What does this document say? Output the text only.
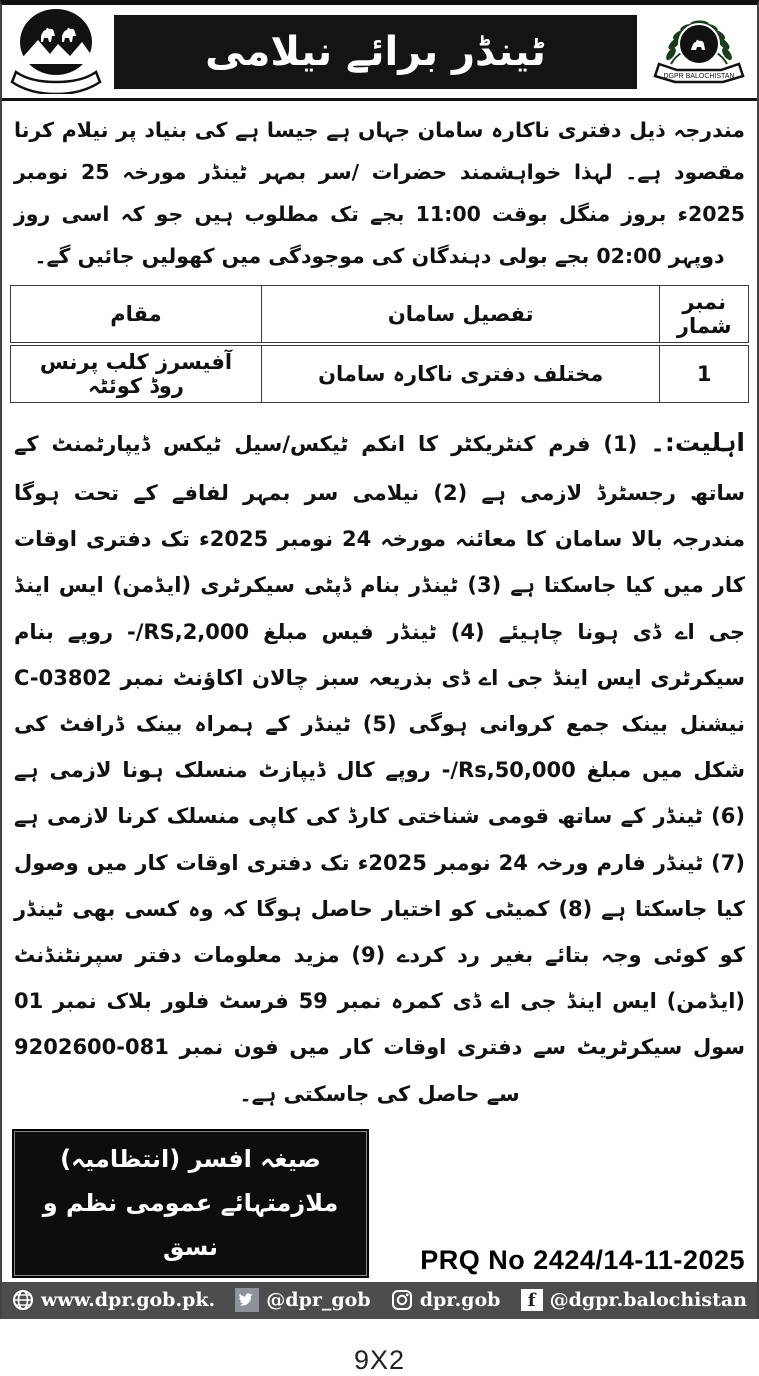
ٹینڈر برائے نیلامی
DGPR BALOCHISTAN

مندرجہ ذیل دفتری ناکارہ سامان جہاں ہے جیسا ہے کی بنیاد پر نیلام کرنا مقصود ہے۔ لہذا خواہشمند حضرات /سر بمہر ٹینڈر مورخہ 25 نومبر 2025ء بروز منگل بوقت 11:00 بجے تک مطلوب ہیں جو کہ اسی روز دوپہر 02:00 بجے بولی دہندگان کی موجودگی میں کھولیں جائیں گے۔

نمبر شمار	تفصیل سامان	مقام
1	مختلف دفتری ناکارہ سامان	آفیسرز کلب پرنس روڈ کوئٹہ

اہلیت:۔ (1) فرم کنٹریکٹر کا انکم ٹیکس/سیل ٹیکس ڈیپارٹمنٹ کے ساتھ رجسٹرڈ لازمی ہے (2) نیلامی سر بمہر لفافے کے تحت ہوگا مندرجہ بالا سامان کا معائنہ مورخہ 24 نومبر 2025ء تک دفتری اوقات کار میں کیا جاسکتا ہے (3) ٹینڈر بنام ڈپٹی سیکرٹری (ایڈمن) ایس اینڈ جی اے ڈی ہونا چاہیئے (4) ٹینڈر فیس مبلغ RS,2,000/- روپے بنام سیکرٹری ایس اینڈ جی اے ڈی بذریعہ سبز چالان اکاؤنٹ نمبر C-03802 نیشنل بینک جمع کروانی ہوگی (5) ٹینڈر کے ہمراہ بینک ڈرافٹ کی شکل میں مبلغ Rs,50,000/- روپے کال ڈیپازٹ منسلک ہونا لازمی ہے (6) ٹینڈر کے ساتھ قومی شناختی کارڈ کی کاپی منسلک کرنا لازمی ہے (7) ٹینڈر فارم ورخہ 24 نومبر 2025ء تک دفتری اوقات کار میں وصول کیا جاسکتا ہے (8) کمیٹی کو اختیار حاصل ہوگا کہ وہ کسی بھی ٹینڈر کو کوئی وجہ بتائے بغیر رد کردے (9) مزید معلومات دفتر سپرنٹنڈنٹ (ایڈمن) ایس اینڈ جی اے ڈی کمرہ نمبر 59 فرسٹ فلور بلاک نمبر 01 سول سیکرٹریٹ سے دفتری اوقات کار میں فون نمبر 081-9202600 سے حاصل کی جاسکتی ہے۔

صیغہ افسر (انتظامیہ)
ملازمتہائے عمومی نظم و نسق	PRQ No 2424/14-11-2025
www.dpr.gob.pk.	@dpr_gob	dpr.gob f @dgpr.balochistan
9X2
